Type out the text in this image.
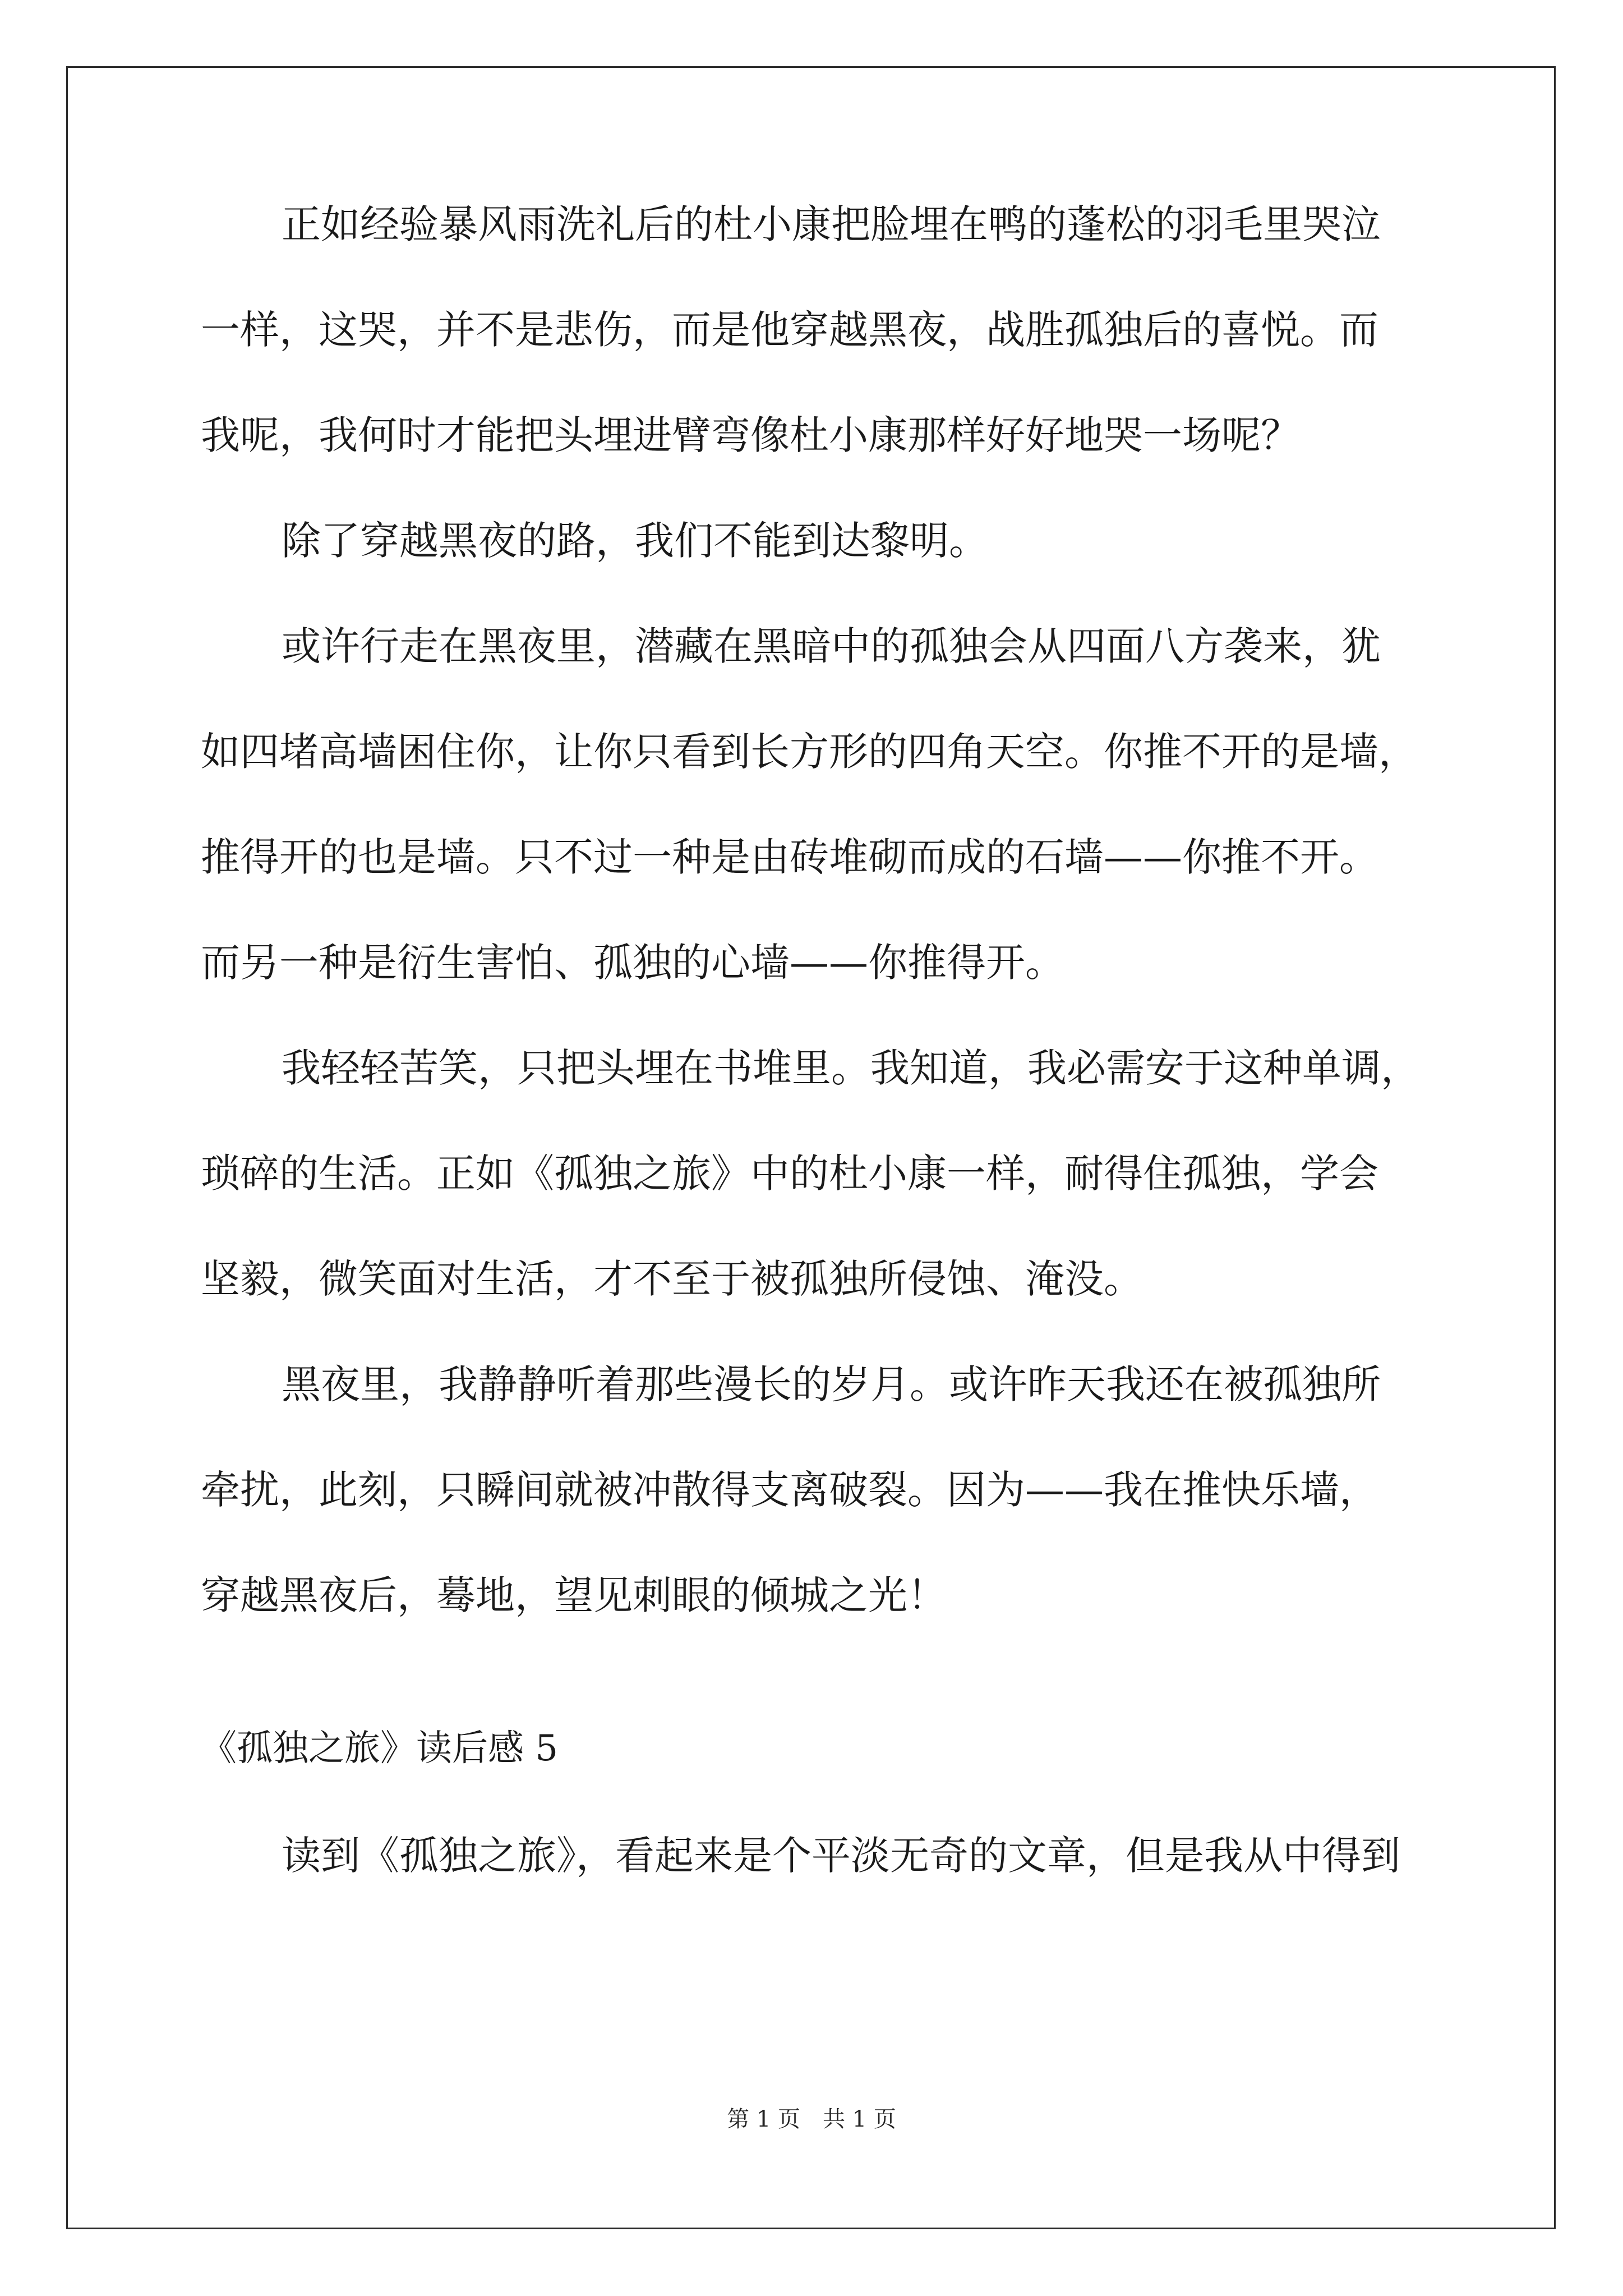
正如经验暴风雨洗礼后的杜小康把脸埋在鸭的蓬松的羽毛里哭泣
一样，这哭，并不是悲伤，而是他穿越黑夜，战胜孤独后的喜悦。而
我呢，我何时才能把头埋进臂弯像杜小康那样好好地哭一场呢？
除了穿越黑夜的路，我们不能到达黎明。
或许行走在黑夜里，潜藏在黑暗中的孤独会从四面八方袭来，犹
如四堵高墙困住你，让你只看到长方形的四角天空。你推不开的是墙，
推得开的也是墙。只不过一种是由砖堆砌而成的石墙——你推不开。
而另一种是衍生害怕、孤独的心墙——你推得开。
我轻轻苦笑，只把头埋在书堆里。我知道，我必需安于这种单调，
琐碎的生活。正如《孤独之旅》中的杜小康一样，耐得住孤独，学会
坚毅，微笑面对生活，才不至于被孤独所侵蚀、淹没。
黑夜里，我静静听着那些漫长的岁月。或许昨天我还在被孤独所
牵扰，此刻，只瞬间就被冲散得支离破裂。因为——我在推快乐墙，
穿越黑夜后，蓦地，望见刺眼的倾城之光！
《孤独之旅》读后感 5
读到《孤独之旅》，看起来是个平淡无奇的文章，但是我从中得到
第 1 页　共 1 页
